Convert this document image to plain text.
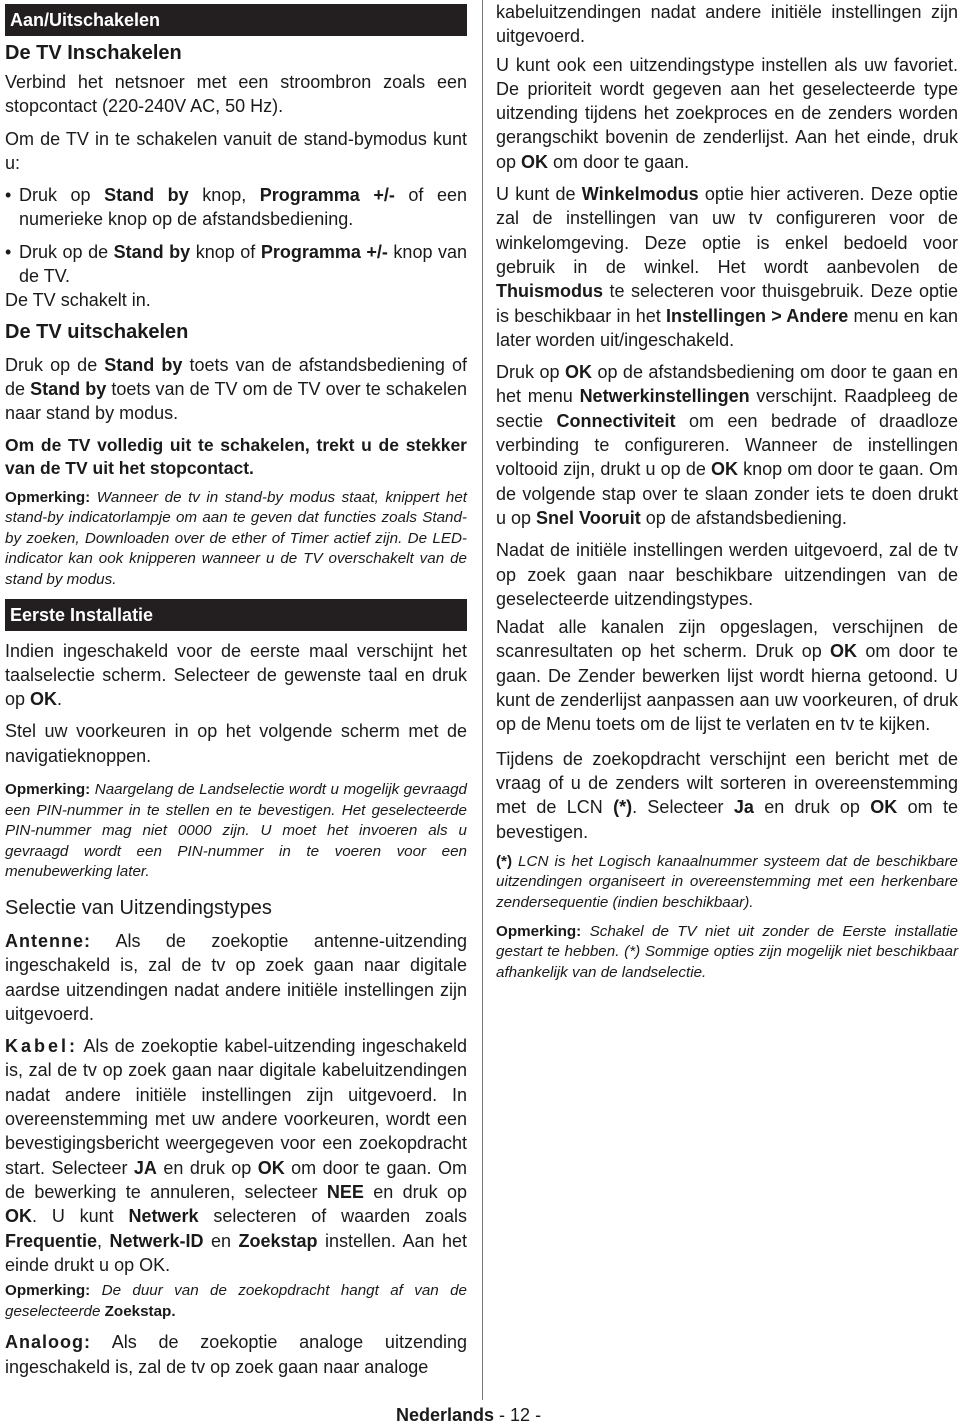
Aan/Uitschakelen
De TV Inschakelen

Verbind het netsnoer met een stroombron zoals een stopcontact (220-240V AC, 50 Hz).

Om de TV in te schakelen vanuit de stand-bymodus kunt u:

• Druk op Stand by knop, Programma +/- of een numerieke knop op de afstandsbediening.
• Druk op de Stand by knop of Programma +/- knop van de TV.

De TV schakelt in.

De TV uitschakelen

Druk op de Stand by toets van de afstandsbediening of de Stand by toets van de TV om de TV over te schakelen naar stand by modus.

Om de TV volledig uit te schakelen, trekt u de stekker van de TV uit het stopcontact.

Opmerking: Wanneer de tv in stand-by modus staat, knippert het stand-by indicatorlampje om aan te geven dat functies zoals Stand-by zoeken, Downloaden over de ether of Timer actief zijn. De LED-indicator kan ook knipperen wanneer u de TV overschakelt van de stand by modus.

Eerste Installatie

Indien ingeschakeld voor de eerste maal verschijnt het taalselectie scherm. Selecteer de gewenste taal en druk op OK.

Stel uw voorkeuren in op het volgende scherm met de navigatieknoppen.

Opmerking: Naargelang de Landselectie wordt u mogelijk gevraagd een PIN-nummer in te stellen en te bevestigen. Het geselecteerde PIN-nummer mag niet 0000 zijn. U moet het invoeren als u gevraagd wordt een PIN-nummer in te voeren voor een menubewerking later.

Selectie van Uitzendingstypes

Antenne: Als de zoekoptie antenne-uitzending ingeschakeld is, zal de tv op zoek gaan naar digitale aardse uitzendingen nadat andere initiële instellingen zijn uitgevoerd.

Kabel: Als de zoekoptie kabel-uitzending ingeschakeld is, zal de tv op zoek gaan naar digitale kabeluitzendingen nadat andere initiële instellingen zijn uitgevoerd. In overeenstemming met uw andere voorkeuren, wordt een bevestigingsbericht weergegeven voor een zoekopdracht start. Selecteer JA en druk op OK om door te gaan. Om de bewerking te annuleren, selecteer NEE en druk op OK. U kunt Netwerk selecteren of waarden zoals Frequentie, Netwerk-ID en Zoekstap instellen. Aan het einde drukt u op OK.

Opmerking: De duur van de zoekopdracht hangt af van de geselecteerde Zoekstap.

Analoog: Als de zoekoptie analoge uitzending ingeschakeld is, zal de tv op zoek gaan naar analoge

kabeluitzendingen nadat andere initiële instellingen zijn uitgevoerd.

U kunt ook een uitzendingstype instellen als uw favoriet. De prioriteit wordt gegeven aan het geselecteerde type uitzending tijdens het zoekproces en de zenders worden gerangschikt bovenin de zenderlijst. Aan het einde, druk op OK om door te gaan.

U kunt de Winkelmodus optie hier activeren. Deze optie zal de instellingen van uw tv configureren voor de winkelomgeving. Deze optie is enkel bedoeld voor gebruik in de winkel. Het wordt aanbevolen de Thuismodus te selecteren voor thuisgebruik. Deze optie is beschikbaar in het Instellingen > Andere menu en kan later worden uit/ingeschakeld.

Druk op OK op de afstandsbediening om door te gaan en het menu Netwerkinstellingen verschijnt. Raadpleeg de sectie Connectiviteit om een bedrade of draadloze verbinding te configureren. Wanneer de instellingen voltooid zijn, drukt u op de OK knop om door te gaan. Om de volgende stap over te slaan zonder iets te doen drukt u op Snel Vooruit op de afstandsbediening.

Nadat de initiële instellingen werden uitgevoerd, zal de tv op zoek gaan naar beschikbare uitzendingen van de geselecteerde uitzendingstypes.

Nadat alle kanalen zijn opgeslagen, verschijnen de scanresultaten op het scherm. Druk op OK om door te gaan. De Zender bewerken lijst wordt hierna getoond. U kunt de zenderlijst aanpassen aan uw voorkeuren, of druk op de Menu toets om de lijst te verlaten en tv te kijken.

Tijdens de zoekopdracht verschijnt een bericht met de vraag of u de zenders wilt sorteren in overeenstemming met de LCN (*). Selecteer Ja en druk op OK om te bevestigen.

(*) LCN is het Logisch kanaalnummer systeem dat de beschikbare uitzendingen organiseert in overeenstemming met een herkenbare zendersequentie (indien beschikbaar).

Opmerking: Schakel de TV niet uit zonder de Eerste installatie gestart te hebben. (*) Sommige opties zijn mogelijk niet beschikbaar afhankelijk van de landselectie.

Nederlands - 12 -
